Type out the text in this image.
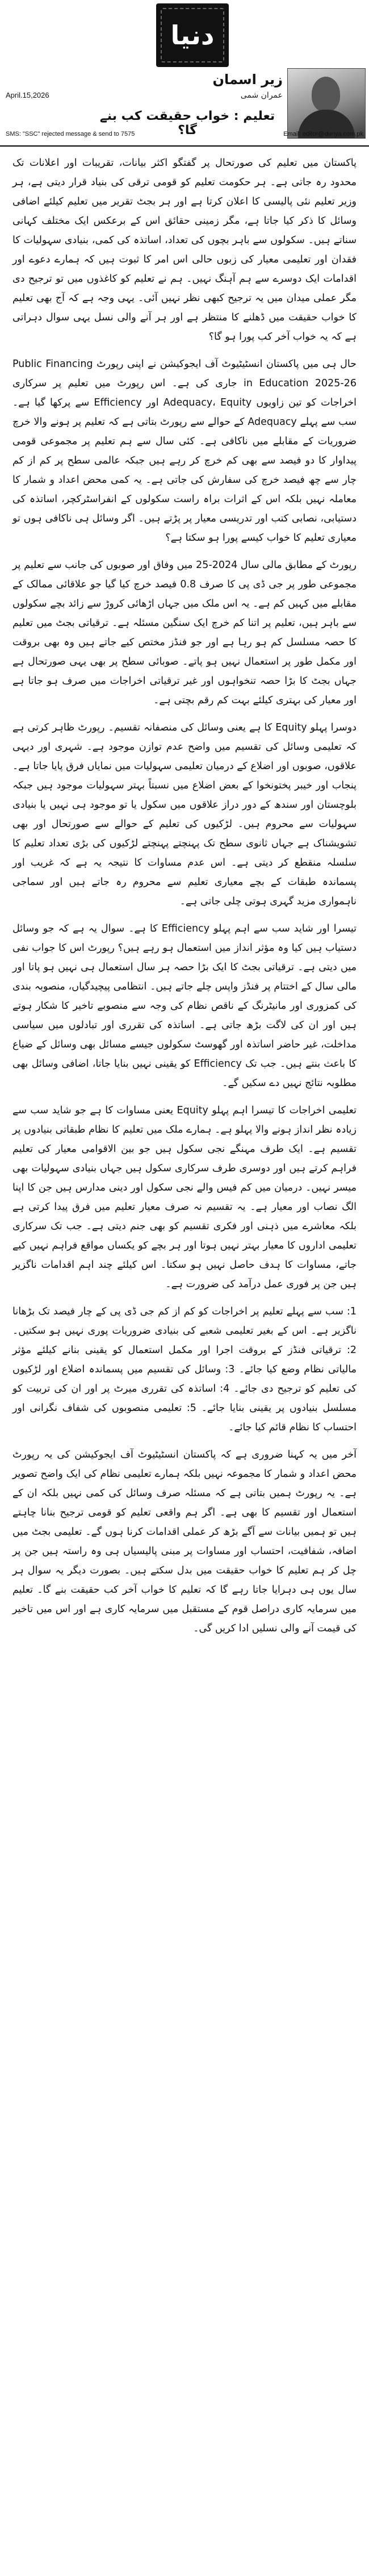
دنیا
زیر اسمان
عمران شمی
April.15,2026
تعلیم : خواب حقیقت کب بنے گا؟
SMS: "SSC" rejected message & send to 7575	Email: editor@dunya.com.pk

پاکستان میں تعلیم کی صورتحال پر گفتگو اکثر بیانات، تقریبات اور اعلانات تک محدود رہ جاتی ہے۔ ہر حکومت تعلیم کو قومی ترقی کی بنیاد قرار دیتی ہے، ہر وزیر تعلیم نئی پالیسی کا اعلان کرتا ہے اور ہر بجٹ تقریر میں تعلیم کیلئے اضافی وسائل کا ذکر کیا جاتا ہے، مگر زمینی حقائق اس کے برعکس ایک مختلف کہانی سناتے ہیں۔ سکولوں سے باہر بچوں کی تعداد، اساتذہ کی کمی، بنیادی سہولیات کا فقدان اور تعلیمی معیار کی زبوں حالی اس امر کا ثبوت ہیں کہ ہمارے دعوے اور اقدامات ایک دوسرے سے ہم آہنگ نہیں۔ ہم نے تعلیم کو کاغذوں میں تو ترجیح دی مگر عملی میدان میں یہ ترجیح کبھی نظر نہیں آئی۔ یہی وجہ ہے کہ آج بھی تعلیم کا خواب حقیقت میں ڈھلنے کا منتظر ہے اور ہر آنے والی نسل یہی سوال دہراتی ہے کہ یہ خواب آخر کب پورا ہو گا؟

حال ہی میں پاکستان انسٹیٹیوٹ آف ایجوکیشن نے اپنی رپورٹ Public Financing in Education 2025-26 جاری کی ہے۔ اس رپورٹ میں تعلیم پر سرکاری اخراجات کو تین زاویوں Adequacy، Equity اور Efficiency سے پرکھا گیا ہے۔ سب سے پہلے Adequacy کے حوالے سے رپورٹ بتاتی ہے کہ تعلیم پر ہونے والا خرچ ضروریات کے مقابلے میں ناکافی ہے۔ کئی سال سے ہم تعلیم پر مجموعی قومی پیداوار کا دو فیصد سے بھی کم خرچ کر رہے ہیں جبکہ عالمی سطح پر کم از کم چار سے چھ فیصد خرچ کی سفارش کی جاتی ہے۔ یہ کمی محض اعداد و شمار کا معاملہ نہیں بلکہ اس کے اثرات براہ راست سکولوں کے انفراسٹرکچر، اساتذہ کی دستیابی، نصابی کتب اور تدریسی معیار پر پڑتے ہیں۔ اگر وسائل ہی ناکافی ہوں تو معیاری تعلیم کا خواب کیسے پورا ہو سکتا ہے؟

رپورٹ کے مطابق مالی سال 2024-25 میں وفاق اور صوبوں کی جانب سے تعلیم پر مجموعی طور پر جی ڈی پی کا صرف 0.8 فیصد خرچ کیا گیا جو علاقائی ممالک کے مقابلے میں کہیں کم ہے۔ یہ اس ملک میں جہاں اڑھائی کروڑ سے زائد بچے سکولوں سے باہر ہیں، تعلیم پر اتنا کم خرچ ایک سنگین مسئلہ ہے۔ ترقیاتی بجٹ میں تعلیم کا حصہ مسلسل کم ہو رہا ہے اور جو فنڈز مختص کیے جاتے ہیں وہ بھی بروقت اور مکمل طور پر استعمال نہیں ہو پاتے۔ صوبائی سطح پر بھی یہی صورتحال ہے جہاں بجٹ کا بڑا حصہ تنخواہوں اور غیر ترقیاتی اخراجات میں صرف ہو جاتا ہے اور معیار کی بہتری کیلئے بہت کم رقم بچتی ہے۔

دوسرا پہلو Equity کا ہے یعنی وسائل کی منصفانہ تقسیم۔ رپورٹ ظاہر کرتی ہے کہ تعلیمی وسائل کی تقسیم میں واضح عدم توازن موجود ہے۔ شہری اور دیہی علاقوں، صوبوں اور اضلاع کے درمیان تعلیمی سہولیات میں نمایاں فرق پایا جاتا ہے۔ پنجاب اور خیبر پختونخوا کے بعض اضلاع میں نسبتاً بہتر سہولیات موجود ہیں جبکہ بلوچستان اور سندھ کے دور دراز علاقوں میں سکول یا تو موجود ہی نہیں یا بنیادی سہولیات سے محروم ہیں۔ لڑکیوں کی تعلیم کے حوالے سے صورتحال اور بھی تشویشناک ہے جہاں ثانوی سطح تک پہنچتے پہنچتے لڑکیوں کی بڑی تعداد تعلیم کا سلسلہ منقطع کر دیتی ہے۔ اس عدم مساوات کا نتیجہ یہ ہے کہ غریب اور پسماندہ طبقات کے بچے معیاری تعلیم سے محروم رہ جاتے ہیں اور سماجی ناہمواری مزید گہری ہوتی چلی جاتی ہے۔

تیسرا اور شاید سب سے اہم پہلو Efficiency کا ہے۔ سوال یہ ہے کہ جو وسائل دستیاب ہیں کیا وہ مؤثر انداز میں استعمال ہو رہے ہیں؟ رپورٹ اس کا جواب نفی میں دیتی ہے۔ ترقیاتی بجٹ کا ایک بڑا حصہ ہر سال استعمال ہی نہیں ہو پاتا اور مالی سال کے اختتام پر فنڈز واپس چلے جاتے ہیں۔ انتظامی پیچیدگیاں، منصوبہ بندی کی کمزوری اور مانیٹرنگ کے ناقص نظام کی وجہ سے منصوبے تاخیر کا شکار ہوتے ہیں اور ان کی لاگت بڑھ جاتی ہے۔ اساتذہ کی تقرری اور تبادلوں میں سیاسی مداخلت، غیر حاضر اساتذہ اور گھوسٹ سکولوں جیسے مسائل بھی وسائل کے ضیاع کا باعث بنتے ہیں۔ جب تک Efficiency کو یقینی نہیں بنایا جاتا، اضافی وسائل بھی مطلوبہ نتائج نہیں دے سکیں گے۔

تعلیمی اخراجات کا تیسرا اہم پہلو Equity یعنی مساوات کا ہے جو شاید سب سے زیادہ نظر انداز ہونے والا پہلو ہے۔ ہمارے ملک میں تعلیم کا نظام طبقاتی بنیادوں پر تقسیم ہے۔ ایک طرف مہنگے نجی سکول ہیں جو بین الاقوامی معیار کی تعلیم فراہم کرتے ہیں اور دوسری طرف سرکاری سکول ہیں جہاں بنیادی سہولیات بھی میسر نہیں۔ درمیان میں کم فیس والے نجی سکول اور دینی مدارس ہیں جن کا اپنا الگ نصاب اور معیار ہے۔ یہ تقسیم نہ صرف معیار تعلیم میں فرق پیدا کرتی ہے بلکہ معاشرے میں ذہنی اور فکری تقسیم کو بھی جنم دیتی ہے۔ جب تک سرکاری تعلیمی اداروں کا معیار بہتر نہیں ہوتا اور ہر بچے کو یکساں مواقع فراہم نہیں کیے جاتے، مساوات کا ہدف حاصل نہیں ہو سکتا۔ اس کیلئے چند اہم اقدامات ناگزیر ہیں جن پر فوری عمل درآمد کی ضرورت ہے۔

1: سب سے پہلے تعلیم پر اخراجات کو کم از کم جی ڈی پی کے چار فیصد تک بڑھانا ناگزیر ہے۔ اس کے بغیر تعلیمی شعبے کی بنیادی ضروریات پوری نہیں ہو سکتیں۔ 2: ترقیاتی فنڈز کے بروقت اجرا اور مکمل استعمال کو یقینی بنانے کیلئے مؤثر مالیاتی نظام وضع کیا جائے۔ 3: وسائل کی تقسیم میں پسماندہ اضلاع اور لڑکیوں کی تعلیم کو ترجیح دی جائے۔ 4: اساتذہ کی تقرری میرٹ پر اور ان کی تربیت کو مسلسل بنیادوں پر یقینی بنایا جائے۔ 5: تعلیمی منصوبوں کی شفاف نگرانی اور احتساب کا نظام قائم کیا جائے۔

آخر میں یہ کہنا ضروری ہے کہ پاکستان انسٹیٹیوٹ آف ایجوکیشن کی یہ رپورٹ محض اعداد و شمار کا مجموعہ نہیں بلکہ ہمارے تعلیمی نظام کی ایک واضح تصویر ہے۔ یہ رپورٹ ہمیں بتاتی ہے کہ مسئلہ صرف وسائل کی کمی نہیں بلکہ ان کے استعمال اور تقسیم کا بھی ہے۔ اگر ہم واقعی تعلیم کو قومی ترجیح بنانا چاہتے ہیں تو ہمیں بیانات سے آگے بڑھ کر عملی اقدامات کرنا ہوں گے۔ تعلیمی بجٹ میں اضافہ، شفافیت، احتساب اور مساوات پر مبنی پالیسیاں ہی وہ راستہ ہیں جن پر چل کر ہم تعلیم کا خواب حقیقت میں بدل سکتے ہیں۔ بصورت دیگر یہ سوال ہر سال یوں ہی دہرایا جاتا رہے گا کہ تعلیم کا خواب آخر کب حقیقت بنے گا۔ تعلیم میں سرمایہ کاری دراصل قوم کے مستقبل میں سرمایہ کاری ہے اور اس میں تاخیر کی قیمت آنے والی نسلیں ادا کریں گی۔
